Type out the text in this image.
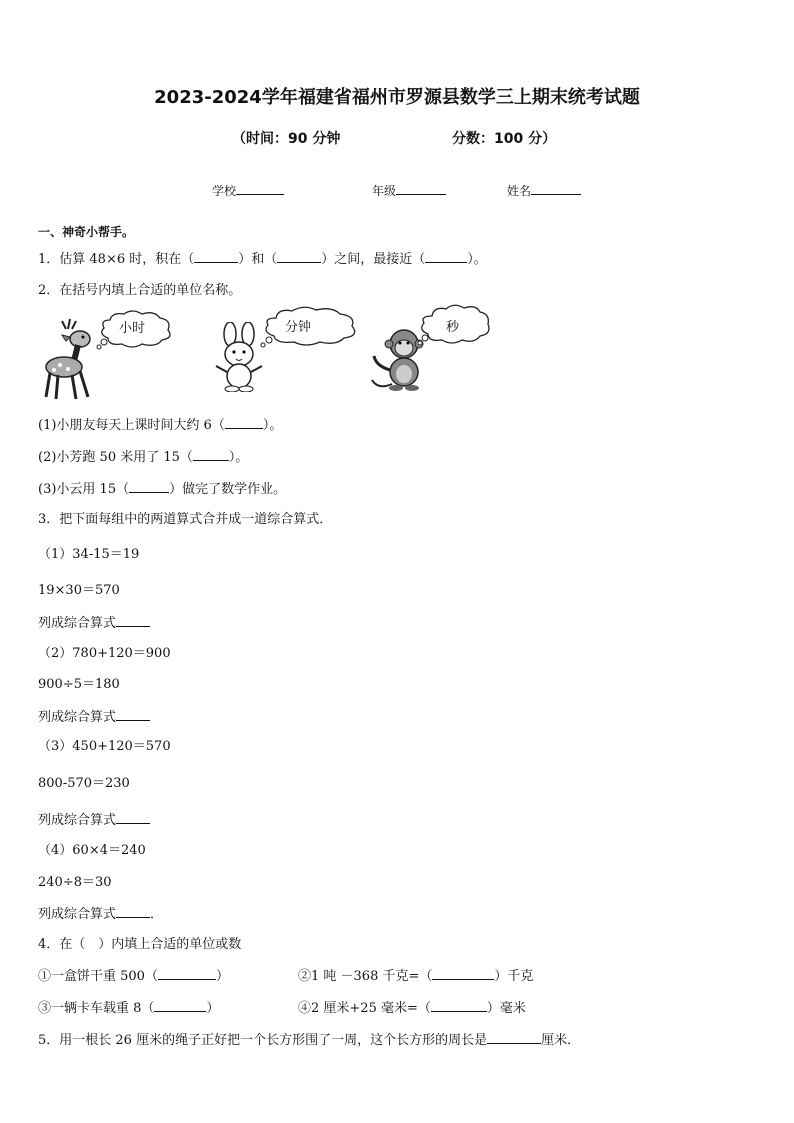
2023-2024学年福建省福州市罗源县数学三上期末统考试题
（时间：90 分钟	分数：100 分）
学校	年级	姓名
一、神奇小帮手。
1．估算 48×6 时，积在（	）和（	）之间，最接近（	）。
2．在括号内填上合适的单位名称。
小时	分钟	秒
(1)小朋友每天上课时间大约 6（	）。
(2)小芳跑 50 米用了 15（	）。
(3)小云用 15（	）做完了数学作业。
3．把下面每组中的两道算式合并成一道综合算式．
（1）34-15＝19
19×30＝570
列成综合算式
（2）780+120＝900
900÷5＝180
列成综合算式
（3）450+120＝570
800-570＝230
列成综合算式
（4）60×4＝240
240÷8＝30
列成综合算式	．
4．在（　）内填上合适的单位或数
①一盒饼干重 500（	）	②1 吨 －368 千克=（	）千克
③一辆卡车载重 8（	）	④2 厘米+25 毫米=（	）毫米
5．用一根长 26 厘米的绳子正好把一个长方形围了一周，这个长方形的周长是	厘米．
